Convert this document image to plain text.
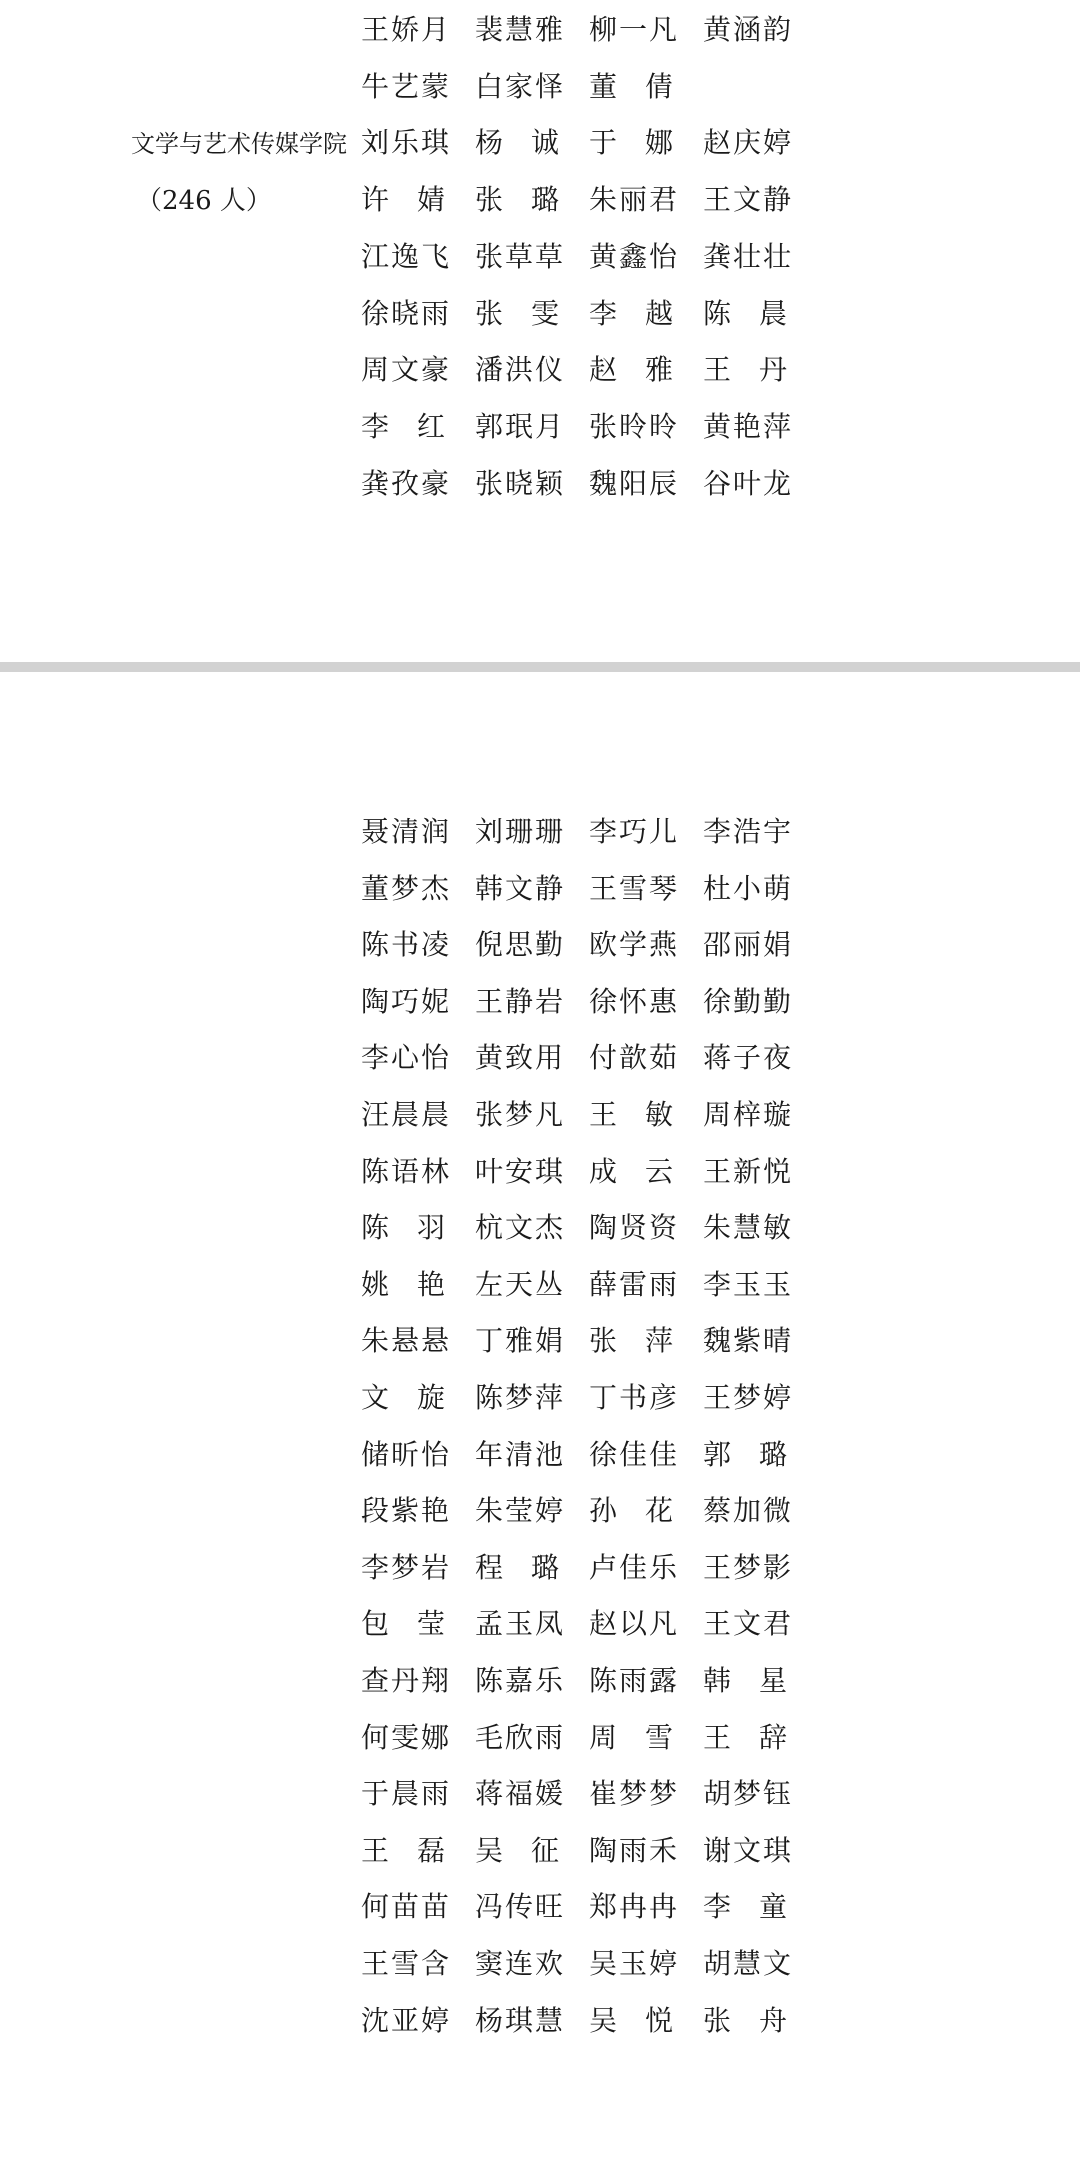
文学与艺术传媒学院
（246 人）
王娇月 裴慧雅 柳一凡 黄涵韵
牛艺蒙 白家怿 董 倩
刘乐琪 杨 诚 于 娜 赵庆婷
许 婧 张 璐 朱丽君 王文静
江逸飞 张草草 黄鑫怡 龚壮壮
徐晓雨 张 雯 李 越 陈 晨
周文豪 潘洪仪 赵 雅 王 丹
李 红 郭珉月 张昤昤 黄艳萍
龚孜豪 张晓颖 魏阳辰 谷叶龙
聂清润 刘珊珊 李巧儿 李浩宇
董梦杰 韩文静 王雪琴 杜小萌
陈书凌 倪思勤 欧学燕 邵丽娟
陶巧妮 王静岩 徐怀惠 徐勤勤
李心怡 黄致用 付歆茹 蒋子夜
汪晨晨 张梦凡 王 敏 周梓璇
陈语林 叶安琪 成 云 王新悦
陈 羽 杭文杰 陶贤资 朱慧敏
姚 艳 左天丛 薛雷雨 李玉玉
朱悬悬 丁雅娟 张 萍 魏紫晴
文 旋 陈梦萍 丁书彦 王梦婷
储昕怡 年清池 徐佳佳 郭 璐
段紫艳 朱莹婷 孙 花 蔡加微
李梦岩 程 璐 卢佳乐 王梦影
包 莹 孟玉凤 赵以凡 王文君
查丹翔 陈嘉乐 陈雨露 韩 星
何雯娜 毛欣雨 周 雪 王 辞
于晨雨 蒋福媛 崔梦梦 胡梦钰
王 磊 吴 征 陶雨禾 谢文琪
何苗苗 冯传旺 郑冉冉 李 童
王雪含 窦连欢 吴玉婷 胡慧文
沈亚婷 杨琪慧 吴 悦 张 舟
